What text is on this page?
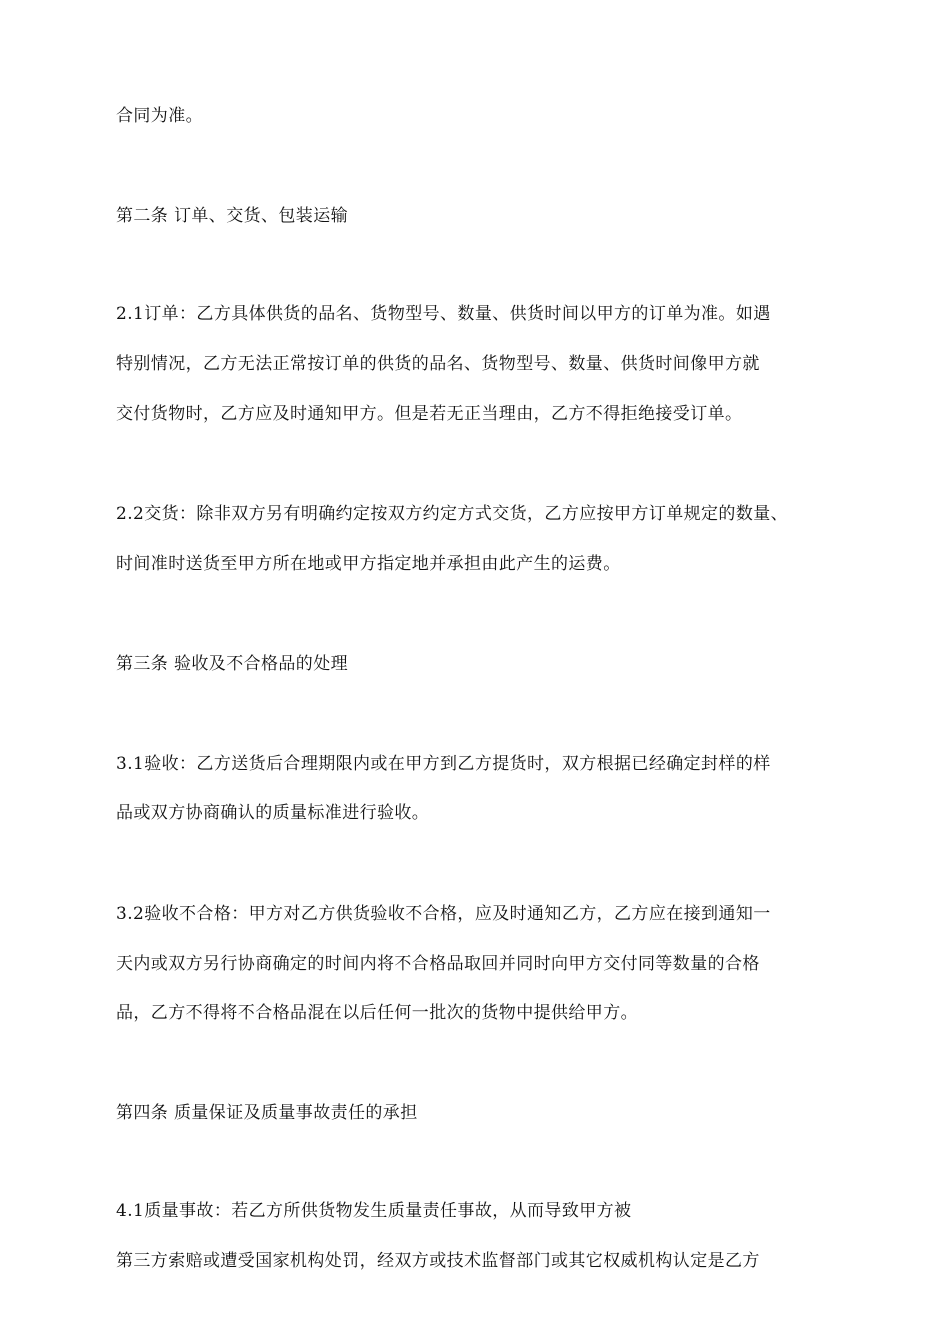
合同为准。
第二条 订单、交货、包装运输
2.1订单：乙方具体供货的品名、货物型号、数量、供货时间以甲方的订单为准。如遇
特别情况，乙方无法正常按订单的供货的品名、货物型号、数量、供货时间像甲方就
交付货物时，乙方应及时通知甲方。但是若无正当理由，乙方不得拒绝接受订单。
2.2交货：除非双方另有明确约定按双方约定方式交货，乙方应按甲方订单规定的数量、
时间准时送货至甲方所在地或甲方指定地并承担由此产生的运费。
第三条 验收及不合格品的处理
3.1验收：乙方送货后合理期限内或在甲方到乙方提货时，双方根据已经确定封样的样
品或双方协商确认的质量标准进行验收。
3.2验收不合格：甲方对乙方供货验收不合格，应及时通知乙方，乙方应在接到通知一
天内或双方另行协商确定的时间内将不合格品取回并同时向甲方交付同等数量的合格
品，乙方不得将不合格品混在以后任何一批次的货物中提供给甲方。
第四条 质量保证及质量事故责任的承担
4.1质量事故：若乙方所供货物发生质量责任事故，从而导致甲方被
第三方索赔或遭受国家机构处罚，经双方或技术监督部门或其它权威机构认定是乙方
